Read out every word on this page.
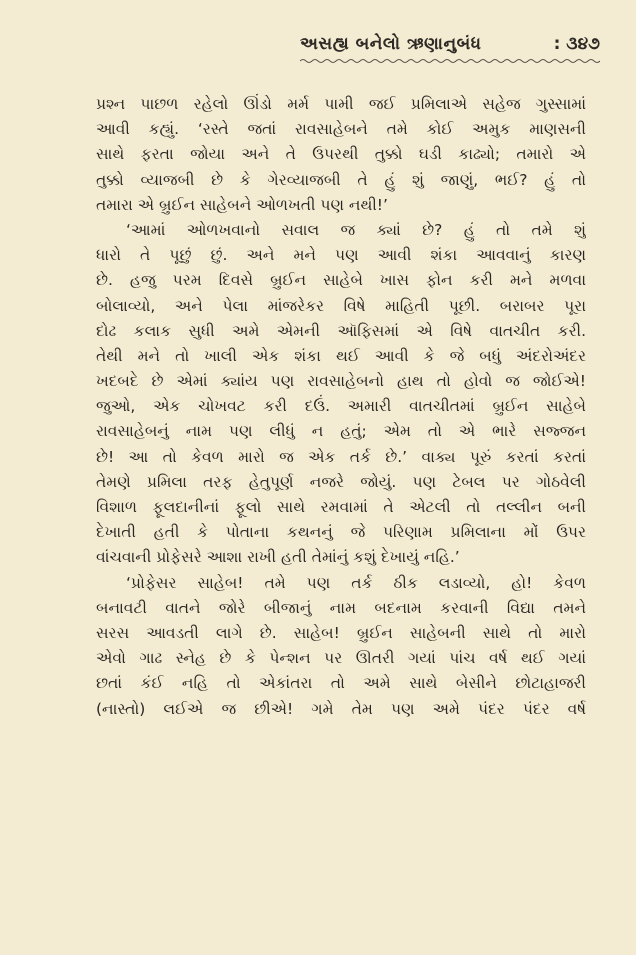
અસહ્ય બનેલો ઋણાનુબંધ	: ૩૪૭
પ્રશ્ન પાછળ રહેલો ઊંડો મર્મ પામી જઈ પ્રમિલાએ સહેજ ગુસ્સામાં
આવી કહ્યું. ‘રસ્તે જતાં રાવસાહેબને તમે કોઈ અમુક માણસની
સાથે ફરતા જોયા અને તે ઉપરથી તુક્કો ઘડી કાઢ્યો; તમારો એ
તુક્કો વ્યાજબી છે કે ગેરવ્યાજબી તે હું શું જાણું, ભઈ? હું તો
તમારા એ બ્રુઈન સાહેબને ઓળખતી પણ નથી!’
‘આમાં ઓળખવાનો સવાલ જ ક્યાં છે? હું તો તમે શું
ધારો તે પૂછું છું. અને મને પણ આવી શંકા આવવાનું કારણ
છે. હજુ પરમ દિવસે બ્રુઈન સાહેબે ખાસ ફોન કરી મને મળવા
બોલાવ્યો, અને પેલા માંજરેકર વિષે માહિતી પૂછી. બરાબર પૂરા
દોઢ કલાક સુધી અમે એમની ઑફિસમાં એ વિષે વાતચીત કરી.
તેથી મને તો ખાલી એક શંકા થઈ આવી કે જે બધું અંદરોઅંદર
ખદબદે છે એમાં ક્યાંય પણ રાવસાહેબનો હાથ તો હોવો જ જોઈએ!
જુઓ, એક ચોખવટ કરી દઉં. અમારી વાતચીતમાં બ્રુઈન સાહેબે
રાવસાહેબનું નામ પણ લીધું ન હતું; એમ તો એ ભારે સજ્જન
છે! આ તો કેવળ મારો જ એક તર્ક છે.’ વાક્ય પૂરું કરતાં કરતાં
તેમણે પ્રમિલા તરફ હેતુપૂર્ણ નજરે જોયું. પણ ટેબલ પર ગોઠવેલી
વિશાળ ફૂલદાનીનાં ફૂલો સાથે રમવામાં તે એટલી તો તલ્લીન બની
દેખાતી હતી કે પોતાના કથનનું જે પરિણામ પ્રમિલાના મોં ઉપર
વાંચવાની પ્રોફેસરે આશા રાખી હતી તેમાંનું કશું દેખાયું નહિ.’
‘પ્રોફેસર સાહેબ! તમે પણ તર્ક ઠીક લડાવ્યો, હો! કેવળ
બનાવટી વાતને જોરે બીજાનું નામ બદનામ કરવાની વિદ્યા તમને
સરસ આવડતી લાગે છે. સાહેબ! બ્રુઈન સાહેબની સાથે તો મારો
એવો ગાઢ સ્નેહ છે કે પેન્શન પર ઊતરી ગયાં પાંચ વર્ષ થઈ ગયાં
છતાં કંઈ નહિ તો એકાંતરા તો અમે સાથે બેસીને છોટાહાજરી
(નાસ્તો) લઈએ જ છીએ! ગમે તેમ પણ અમે પંદર પંદર વર્ષ
